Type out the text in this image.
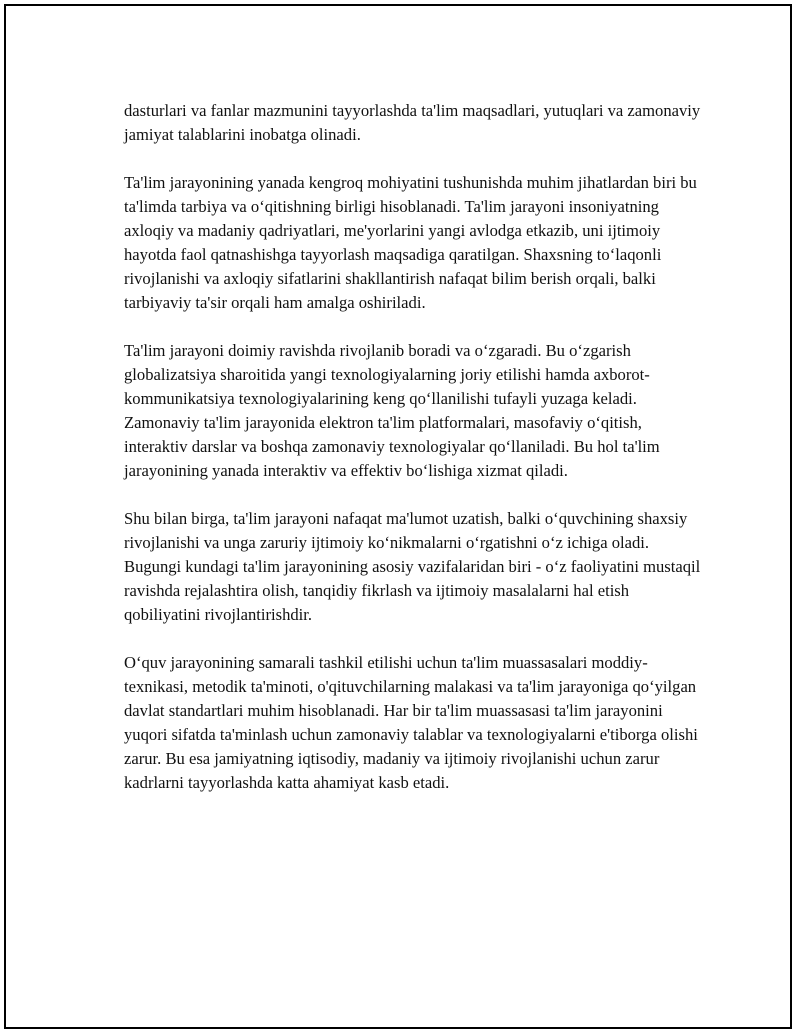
dasturlari va fanlar mazmunini tayyorlashda ta'lim maqsadlari, yutuqlari va zamonaviy jamiyat talablarini inobatga olinadi.

Ta'lim jarayonining yanada kengroq mohiyatini tushunishda muhim jihatlardan biri bu ta'limda tarbiya va o‘qitishning birligi hisoblanadi. Ta'lim jarayoni insoniyatning axloqiy va madaniy qadriyatlari, me'yorlarini yangi avlodga etkazib, uni ijtimoiy hayotda faol qatnashishga tayyorlash maqsadiga qaratilgan. Shaxsning to‘laqonli rivojlanishi va axloqiy sifatlarini shakllantirish nafaqat bilim berish orqali, balki tarbiyaviy ta'sir orqali ham amalga oshiriladi.

Ta'lim jarayoni doimiy ravishda rivojlanib boradi va o‘zgaradi. Bu o‘zgarish globalizatsiya sharoitida yangi texnologiyalarning joriy etilishi hamda axborot-kommunikatsiya texnologiyalarining keng qo‘llanilishi tufayli yuzaga keladi. Zamonaviy ta'lim jarayonida elektron ta'lim platformalari, masofaviy o‘qitish, interaktiv darslar va boshqa zamonaviy texnologiyalar qo‘llaniladi. Bu hol ta'lim jarayonining yanada interaktiv va effektiv bo‘lishiga xizmat qiladi.

Shu bilan birga, ta'lim jarayoni nafaqat ma'lumot uzatish, balki o‘quvchining shaxsiy rivojlanishi va unga zaruriy ijtimoiy ko‘nikmalarni o‘rgatishni o‘z ichiga oladi. Bugungi kundagi ta'lim jarayonining asosiy vazifalaridan biri - o‘z faoliyatini mustaqil ravishda rejalashtira olish, tanqidiy fikrlash va ijtimoiy masalalarni hal etish qobiliyatini rivojlantirishdir.

O‘quv jarayonining samarali tashkil etilishi uchun ta'lim muassasalari moddiy-texnikasi, metodik ta'minoti, o'qituvchilarning malakasi va ta'lim jarayoniga qo‘yilgan davlat standartlari muhim hisoblanadi. Har bir ta'lim muassasasi ta'lim jarayonini yuqori sifatda ta'minlash uchun zamonaviy talablar va texnologiyalarni e'tiborga olishi zarur. Bu esa jamiyatning iqtisodiy, madaniy va ijtimoiy rivojlanishi uchun zarur kadrlarni tayyorlashda katta ahamiyat kasb etadi.
